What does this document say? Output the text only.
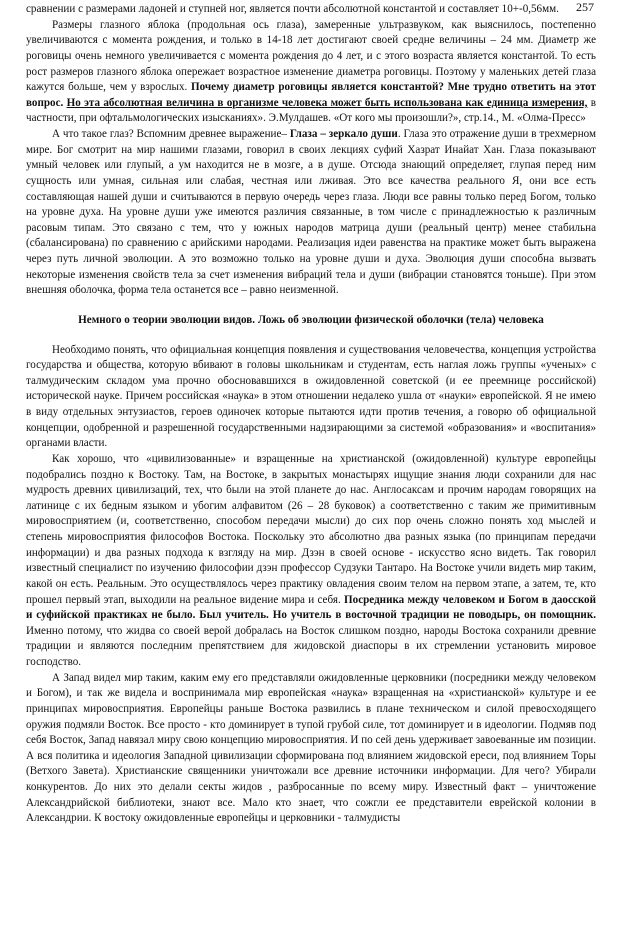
257

сравнении с размерами ладоней и ступней ног, является почти абсолютной константой и составляет 10+-0,56мм.

Размеры глазного яблока (продольная ось глаза), замеренные ультразвуком, как выяснилось, постепенно увеличиваются с момента рождения, и только в 14-18 лет достигают своей средне величины – 24 мм. Диаметр же роговицы очень немного увеличивается с момента рождения до 4 лет, и с этого возраста является константой. То есть рост размеров глазного яблока опережает возрастное изменение диаметра роговицы. Поэтому у маленьких детей глаза кажутся больше, чем у взрослых. Почему диаметр роговицы является константой? Мне трудно ответить на этот вопрос. Но эта абсолютная величина в организме человека может быть использована как единица измерения, в частности, при офтальмологических изысканиях». Э.Мулдашев. «От кого мы произошли?», стр.14., М. «Олма-Пресс»

А что такое глаз? Вспомним древнее выражение– Глаза – зеркало души. Глаза это отражение души в трехмерном мире. Бог смотрит на мир нашими глазами, говорил в своих лекциях суфий Хазрат Инайат Хан. Глаза показывают умный человек или глупый, а ум находится не в мозге, а в душе. Отсюда знающий определяет, глупая перед ним сущность или умная, сильная или слабая, честная или лживая. Это все качества реального Я, они все есть составляющая нашей души и считываются в первую очередь через глаза. Люди все равны только перед Богом, только на уровне духа. На уровне души уже имеются различия связанные, в том числе с принадлежностью к различным расовым типам. Это связано с тем, что у южных народов матрица души (реальный центр) менее стабильна (сбалансирована) по сравнению с арийскими народами. Реализация идеи равенства на практике может быть выражена через путь личной эволюции. А это возможно только на уровне души и духа. Эволюция души способна вызвать некоторые изменения свойств тела за счет изменения вибраций тела и души (вибрации становятся тоньше). При этом внешняя оболочка, форма тела останется все – равно неизменной.

Немного о теории эволюции видов. Ложь об эволюции физической оболочки (тела) человека

Необходимо понять, что официальная концепция появления и существования человечества, концепция устройства государства и общества, которую вбивают в головы школьникам и студентам, есть наглая ложь группы «ученых» с талмудическим складом ума прочно обосновавшихся в ожидовленной советской (и ее преемнице российской) исторической науке. Причем российская «наука» в этом отношении недалеко ушла от «науки» европейской. Я не имею в виду отдельных энтузиастов, героев одиночек которые пытаются идти против течения, а говорю об официальной концепции, одобренной и разрешенной государственными надзирающими за системой «образования» и «воспитания» органами власти.

Как хорошо, что «цивилизованные» и взращенные на христианской (ожидовленной) культуре европейцы подобрались поздно к Востоку. Там, на Востоке, в закрытых монастырях ищущие знания люди сохранили для нас мудрость древних цивилизаций, тех, что были на этой планете до нас. Англосаксам и прочим народам говорящих на латинице с их бедным языком и убогим алфавитом (26 – 28 буковок) а соответственно с таким же примитивным мировосприятием (и, соответственно, способом передачи мысли) до сих пор очень сложно понять ход мыслей и степень мировосприятия философов Востока. Поскольку это абсолютно два разных языка (по принципам передачи информации) и два разных подхода к взгляду на мир. Дзэн в своей основе - искусство ясно видеть. Так говорил известный специалист по изучению философии дзэн профессор Судзуки Тантаро. На Востоке учили видеть мир таким, какой он есть. Реальным. Это осуществлялось через практику овладения своим телом на первом этапе, а затем, те, кто прошел первый этап, выходили на реальное видение мира и себя. Посредника между человеком и Богом в даосской и суфийской практиках не было. Был учитель. Но учитель в восточной традиции не поводырь, он помощник. Именно потому, что жидва со своей верой добралась на Восток слишком поздно, народы Востока сохранили древние традиции и являются последним препятствием для жидовской диаспоры в их стремлении установить мировое господство.

А Запад видел мир таким, каким ему его представляли ожидовленные церковники (посредники между человеком и Богом), и так же видела и воспринимала мир европейская «наука» взращенная на «христианской» культуре и ее принципах мировосприятия. Европейцы раньше Востока развились в плане техническом и силой превосходящего оружия подмяли Восток. Все просто - кто доминирует в тупой грубой силе, тот доминирует и в идеологии. Подмяв под себя Восток, Запад навязал миру свою концепцию мировосприятия. И по сей день удерживает завоеванные им позиции. А вся политика и идеология Западной цивилизации сформирована под влиянием жидовской ереси, под влиянием Торы (Ветхого Завета). Христианские священники уничтожали все древние источники информации. Для чего? Убирали конкурентов. До них это делали секты жидов , разбросанные по всему миру. Известный факт – уничтожение Александрийской библиотеки, знают все. Мало кто знает, что сожгли ее представители еврейской колонии в Александрии. К востоку ожидовленные европейцы и церковники - талмудисты
